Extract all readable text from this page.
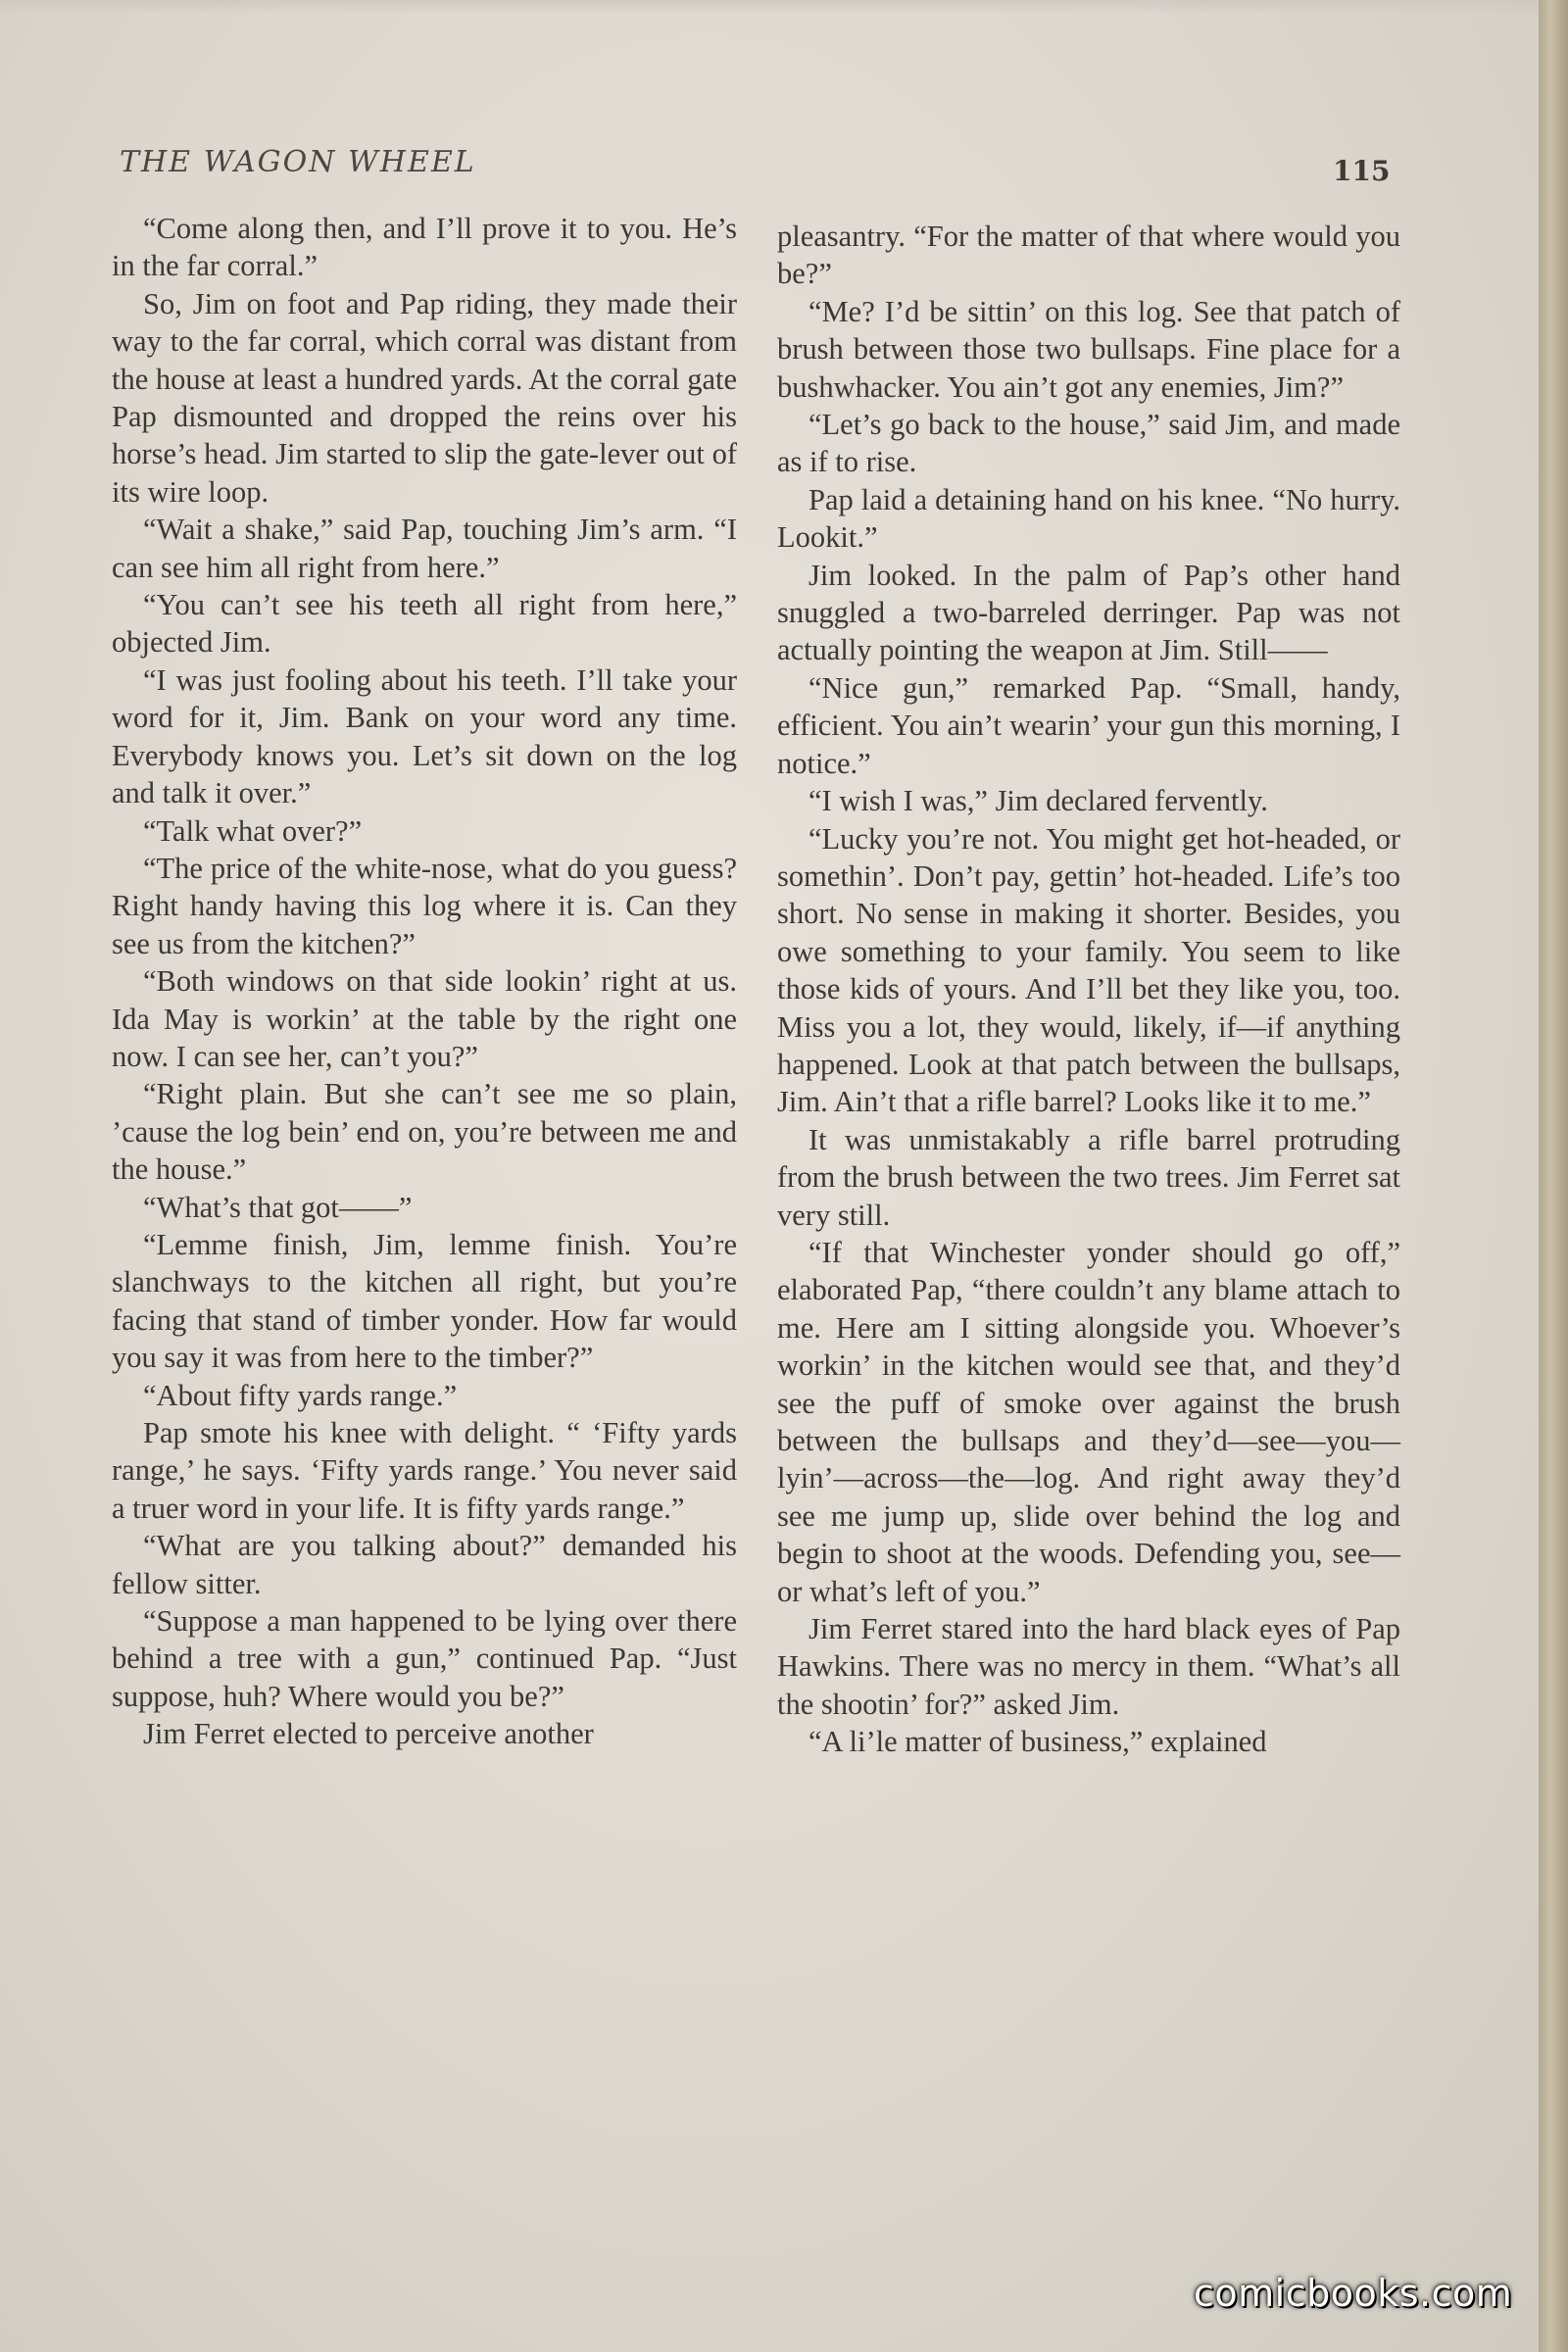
THE WAGON WHEEL	115

“Come along then, and I’ll prove it to you. He’s in the far corral.”

So, Jim on foot and Pap riding, they made their way to the far corral, which corral was distant from the house at least a hundred yards. At the corral gate Pap dismounted and dropped the reins over his horse’s head. Jim started to slip the gate-lever out of its wire loop.

“Wait a shake,” said Pap, touching Jim’s arm. “I can see him all right from here.”

“You can’t see his teeth all right from here,” objected Jim.

“I was just fooling about his teeth. I’ll take your word for it, Jim. Bank on your word any time. Everybody knows you. Let’s sit down on the log and talk it over.”

“Talk what over?”

“The price of the white-nose, what do you guess? Right handy having this log where it is. Can they see us from the kitchen?”

“Both windows on that side lookin’ right at us. Ida May is workin’ at the table by the right one now. I can see her, can’t you?”

“Right plain. But she can’t see me so plain, ’cause the log bein’ end on, you’re between me and the house.”

“What’s that got——”

“Lemme finish, Jim, lemme finish. You’re slanchways to the kitchen all right, but you’re facing that stand of timber yonder. How far would you say it was from here to the timber?”

“About fifty yards range.”

Pap smote his knee with delight. “ ‘Fifty yards range,’ he says. ‘Fifty yards range.’ You never said a truer word in your life. It is fifty yards range.”

“What are you talking about?” demanded his fellow sitter.

“Suppose a man happened to be lying over there behind a tree with a gun,” continued Pap. “Just suppose, huh? Where would you be?”

Jim Ferret elected to perceive another

pleasantry. “For the matter of that where would you be?”

“Me? I’d be sittin’ on this log. See that patch of brush between those two bullsaps. Fine place for a bushwhacker. You ain’t got any enemies, Jim?”

“Let’s go back to the house,” said Jim, and made as if to rise.

Pap laid a detaining hand on his knee. “No hurry. Lookit.”

Jim looked. In the palm of Pap’s other hand snuggled a two-barreled derringer. Pap was not actually pointing the weapon at Jim. Still——

“Nice gun,” remarked Pap. “Small, handy, efficient. You ain’t wearin’ your gun this morning, I notice.”

“I wish I was,” Jim declared fervently.

“Lucky you’re not. You might get hot-headed, or somethin’. Don’t pay, gettin’ hot-headed. Life’s too short. No sense in making it shorter. Besides, you owe something to your family. You seem to like those kids of yours. And I’ll bet they like you, too. Miss you a lot, they would, likely, if—if anything happened. Look at that patch between the bullsaps, Jim. Ain’t that a rifle barrel? Looks like it to me.”

It was unmistakably a rifle barrel protruding from the brush between the two trees. Jim Ferret sat very still.

“If that Winchester yonder should go off,” elaborated Pap, “there couldn’t any blame attach to me. Here am I sitting alongside you. Whoever’s workin’ in the kitchen would see that, and they’d see the puff of smoke over against the brush between the bullsaps and they’d—see—you—lyin’—across—the—log. And right away they’d see me jump up, slide over behind the log and begin to shoot at the woods. Defending you, see—or what’s left of you.”

Jim Ferret stared into the hard black eyes of Pap Hawkins. There was no mercy in them. “What’s all the shootin’ for?” asked Jim.

“A li’le matter of business,” explained

comicbooks.com
